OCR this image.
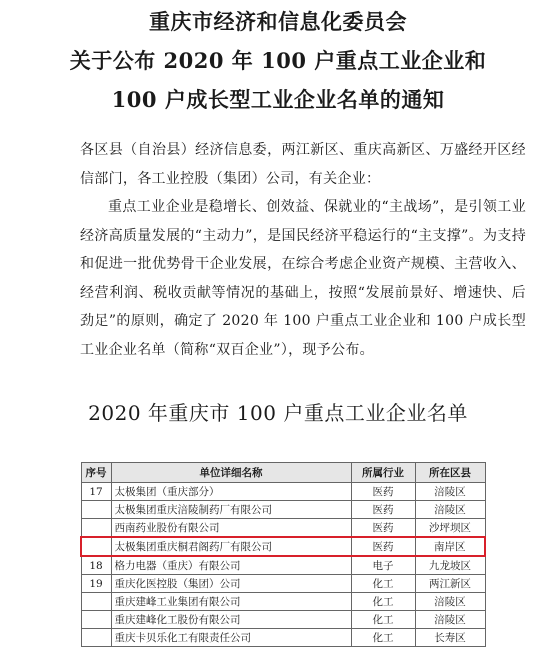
重庆市经济和信息化委员会
关于公布 2020 年 100 户重点工业企业和
100 户成长型工业企业名单的通知
各区县（自治县）经济信息委，两江新区、重庆高新区、万盛经开区经信部门，各工业控股（集团）公司，有关企业：
重点工业企业是稳增长、创效益、保就业的“主战场”，是引领工业经济高质量发展的“主动力”，是国民经济平稳运行的“主支撑”。为支持和促进一批优势骨干企业发展，在综合考虑企业资产规模、主营收入、经营利润、税收贡献等情况的基础上，按照“发展前景好、增速快、后劲足”的原则，确定了 2020 年 100 户重点工业企业和 100 户成长型工业企业名单（简称“双百企业”），现予公布。
2020 年重庆市 100 户重点工业企业名单
序号	单位详细名称	所属行业	所在区县
17	太极集团（重庆部分）	医药	涪陵区
	太极集团重庆涪陵制药厂有限公司	医药	涪陵区
	西南药业股份有限公司	医药	沙坪坝区
	太极集团重庆桐君阁药厂有限公司	医药	南岸区
18	格力电器（重庆）有限公司	电子	九龙坡区
19	重庆化医控股（集团）公司	化工	两江新区
	重庆建峰工业集团有限公司	化工	涪陵区
	重庆建峰化工股份有限公司	化工	涪陵区
	重庆卡贝乐化工有限责任公司	化工	长寿区
